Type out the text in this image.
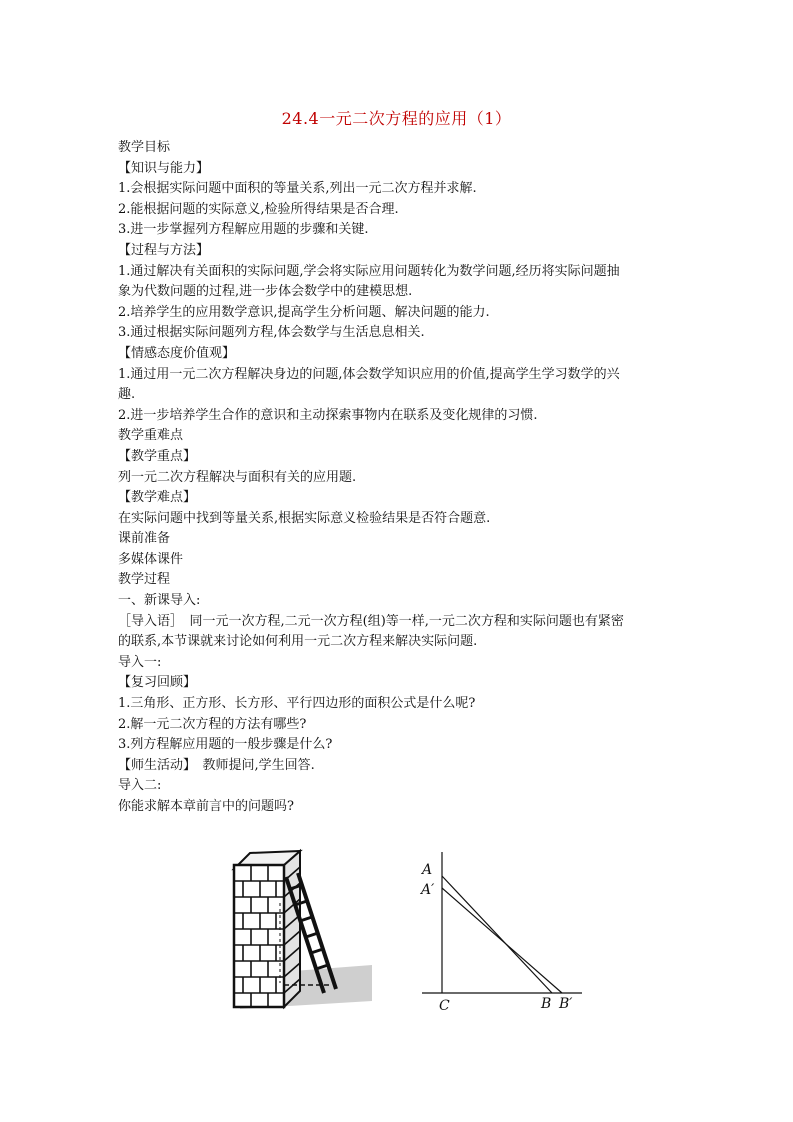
24.4一元二次方程的应用（1）
教学目标
【知识与能力】
1.会根据实际问题中面积的等量关系,列出一元二次方程并求解.
2.能根据问题的实际意义,检验所得结果是否合理.
3.进一步掌握列方程解应用题的步骤和关键.
【过程与方法】
1.通过解决有关面积的实际问题,学会将实际应用问题转化为数学问题,经历将实际问题抽
象为代数问题的过程,进一步体会数学中的建模思想.
2.培养学生的应用数学意识,提高学生分析问题、解决问题的能力.
3.通过根据实际问题列方程,体会数学与生活息息相关.
【情感态度价值观】
1.通过用一元二次方程解决身边的问题,体会数学知识应用的价值,提高学生学习数学的兴
趣.
2.进一步培养学生合作的意识和主动探索事物内在联系及变化规律的习惯.
教学重难点
【教学重点】
列一元二次方程解决与面积有关的应用题.
【教学难点】
在实际问题中找到等量关系,根据实际意义检验结果是否符合题意.
课前准备
多媒体课件
教学过程
一、新课导入:
［导入语］　同一元一次方程,二元一次方程(组)等一样,一元二次方程和实际问题也有紧密
的联系,本节课就来讨论如何利用一元二次方程来解决实际问题.
导入一:
【复习回顾】
1.三角形、正方形、长方形、平行四边形的面积公式是什么呢?
2.解一元二次方程的方法有哪些?
3.列方程解应用题的一般步骤是什么?
【师生活动】　教师提问,学生回答.
导入二:
你能求解本章前言中的问题吗?
A
A′
C	B B′
